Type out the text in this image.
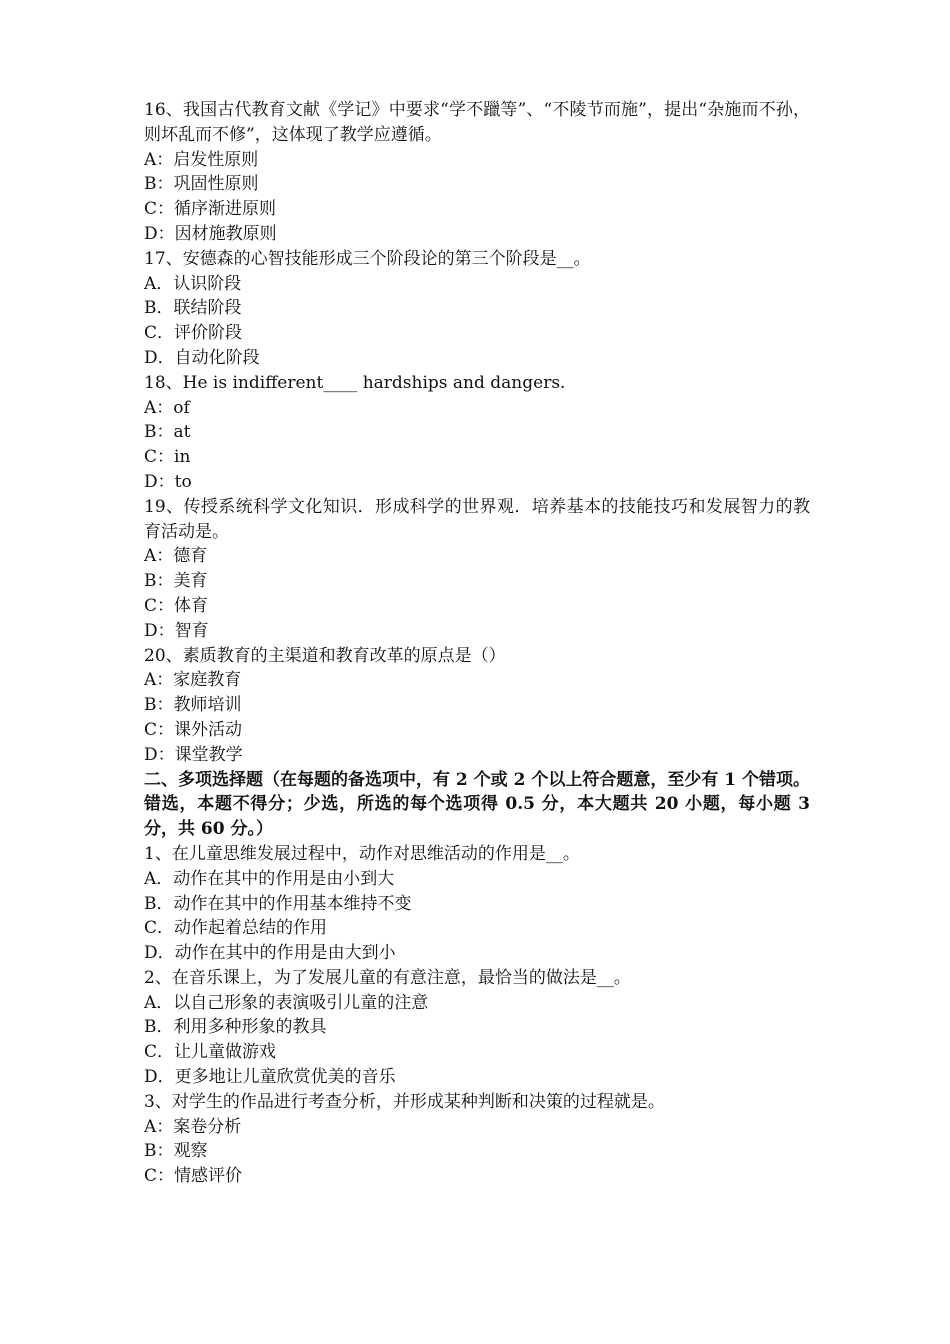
16、我国古代教育文献《学记》中要求“学不躐等”、“不陵节而施”，提出“杂施而不孙，则坏乱而不修”，这体现了教学应遵循。
A：启发性原则
B：巩固性原则
C：循序渐进原则
D：因材施教原则
17、安德森的心智技能形成三个阶段论的第三个阶段是__。
A．认识阶段
B．联结阶段
C．评价阶段
D．自动化阶段
18、He is indifferent____ hardships and dangers.
A：of
B：at
C：in
D：to
19、传授系统科学文化知识．形成科学的世界观．培养基本的技能技巧和发展智力的教育活动是。
A：德育
B：美育
C：体育
D：智育
20、素质教育的主渠道和教育改革的原点是（）
A：家庭教育
B：教师培训
C：课外活动
D：课堂教学
二、多项选择题（在每题的备选项中，有 2 个或 2 个以上符合题意，至少有 1 个错项。错选，本题不得分；少选，所选的每个选项得 0.5 分，本大题共 20 小题，每小题 3 分，共 60 分。）
1、在儿童思维发展过程中，动作对思维活动的作用是__。
A．动作在其中的作用是由小到大
B．动作在其中的作用基本维持不变
C．动作起着总结的作用
D．动作在其中的作用是由大到小
2、在音乐课上，为了发展儿童的有意注意，最恰当的做法是__。
A．以自己形象的表演吸引儿童的注意
B．利用多种形象的教具
C．让儿童做游戏
D．更多地让儿童欣赏优美的音乐
3、对学生的作品进行考查分析，并形成某种判断和决策的过程就是。
A：案卷分析
B：观察
C：情感评价
